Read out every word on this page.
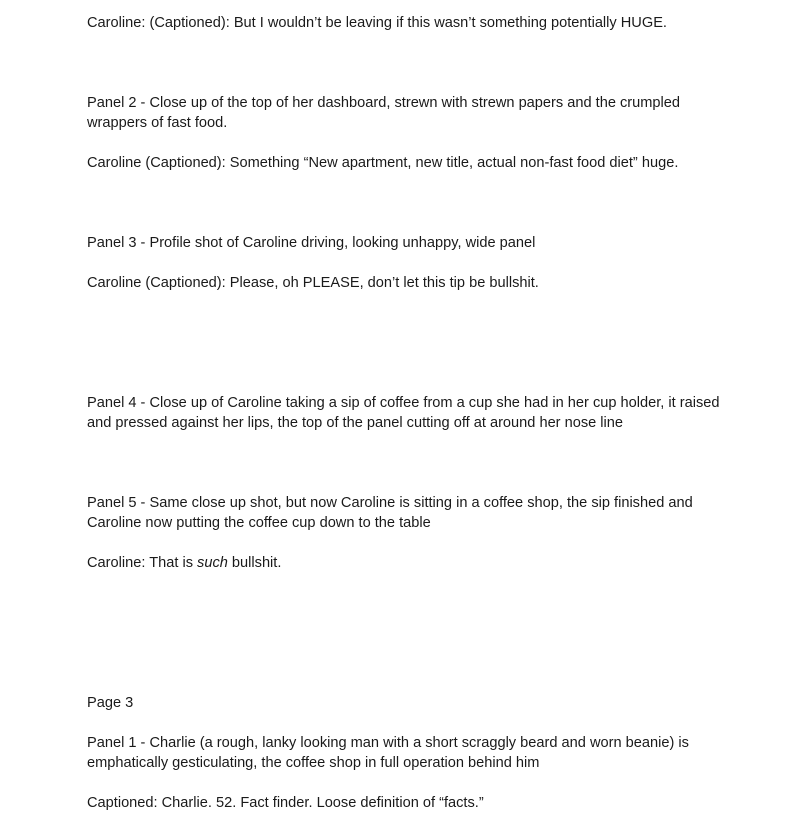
Caroline: (Captioned): But I wouldn’t be leaving if this wasn’t something potentially HUGE.

Panel 2 - Close up of the top of her dashboard, strewn with strewn papers and the crumpled wrappers of fast food.

Caroline (Captioned): Something “New apartment, new title, actual non-fast food diet” huge.

Panel 3 - Profile shot of Caroline driving, looking unhappy, wide panel

Caroline (Captioned): Please, oh PLEASE, don’t let this tip be bullshit.

Panel 4 - Close up of Caroline taking a sip of coffee from a cup she had in her cup holder, it raised and pressed against her lips, the top of the panel cutting off at around her nose line

Panel 5 - Same close up shot, but now Caroline is sitting in a coffee shop, the sip finished and Caroline now putting the coffee cup down to the table

Caroline: That is such bullshit.

Page 3

Panel 1 - Charlie (a rough, lanky looking man with a short scraggly beard and worn beanie) is emphatically gesticulating, the coffee shop in full operation behind him

Captioned: Charlie. 52. Fact finder. Loose definition of “facts.”
